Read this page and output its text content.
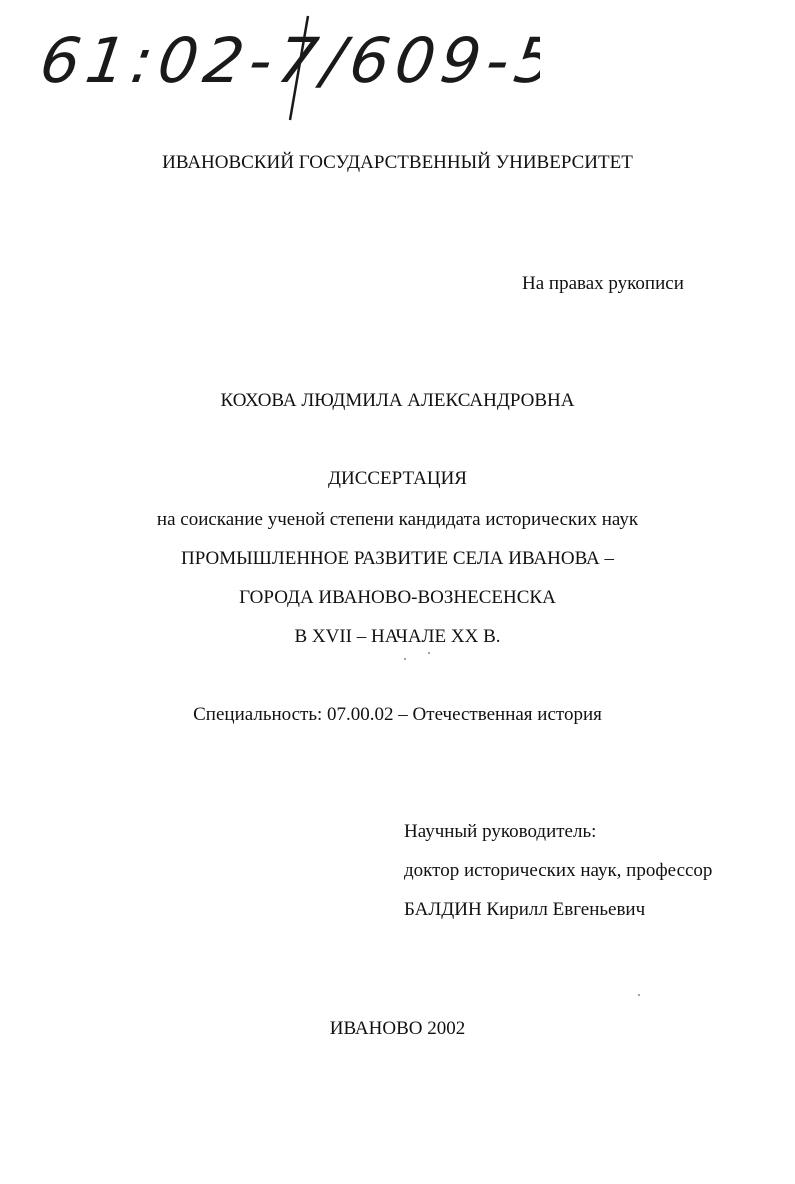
61:02-7/609-5
ИВАНОВСКИЙ ГОСУДАРСТВЕННЫЙ УНИВЕРСИТЕТ
На правах рукописи
КОХОВА ЛЮДМИЛА АЛЕКСАНДРОВНА
ДИССЕРТАЦИЯ
на соискание ученой степени кандидата исторических наук
ПРОМЫШЛЕННОЕ РАЗВИТИЕ СЕЛА ИВАНОВА –
ГОРОДА ИВАНОВО-ВОЗНЕСЕНСКА
В XVII – НАЧАЛЕ XX В.
Специальность: 07.00.02 – Отечественная история
Научный руководитель:
доктор исторических наук, профессор
БАЛДИН Кирилл Евгеньевич
ИВАНОВО 2002
